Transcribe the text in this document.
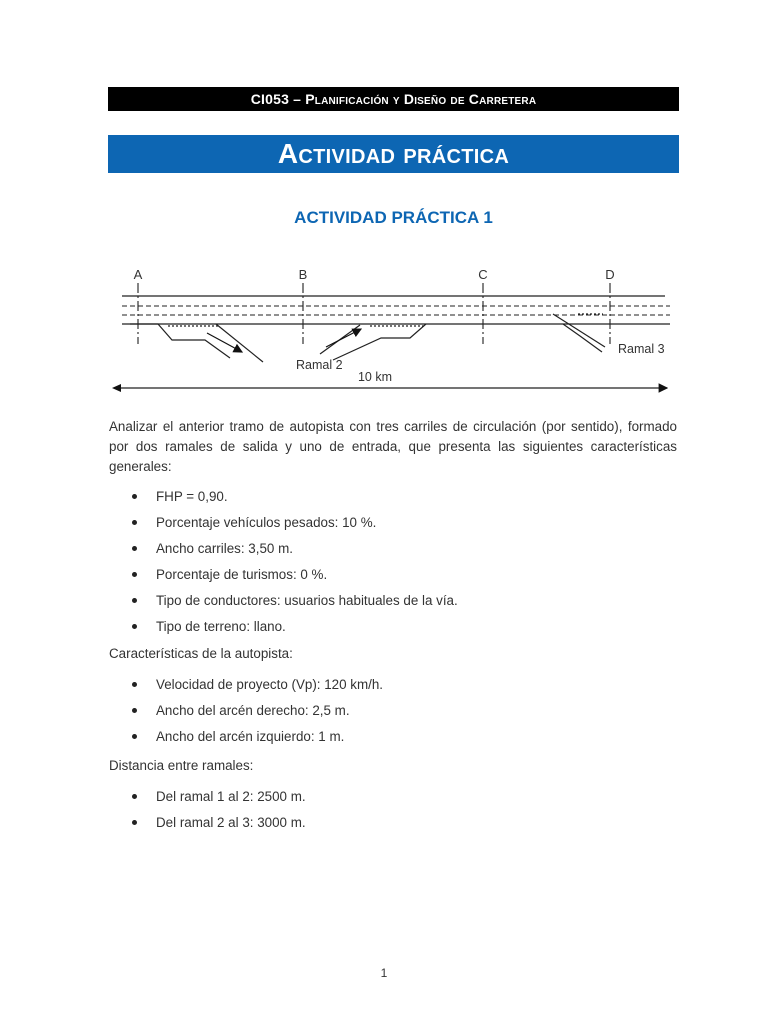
CI053 – Planificación y Diseño de Carretera
Actividad práctica
ACTIVIDAD PRÁCTICA 1
A	B	C	D
Ramal 2
Ramal 3
10 km
Analizar el anterior tramo de autopista con tres carriles de circulación (por sentido), formado por dos ramales de salida y uno de entrada, que presenta las siguientes características generales:
FHP = 0,90.
Porcentaje vehículos pesados: 10 %.
Ancho carriles: 3,50 m.
Porcentaje de turismos: 0 %.
Tipo de conductores: usuarios habituales de la vía.
Tipo de terreno: llano.
Características de la autopista:
Velocidad de proyecto (Vp): 120 km/h.
Ancho del arcén derecho: 2,5 m.
Ancho del arcén izquierdo: 1 m.
Distancia entre ramales:
Del ramal 1 al 2: 2500 m.
Del ramal 2 al 3: 3000 m.
1
